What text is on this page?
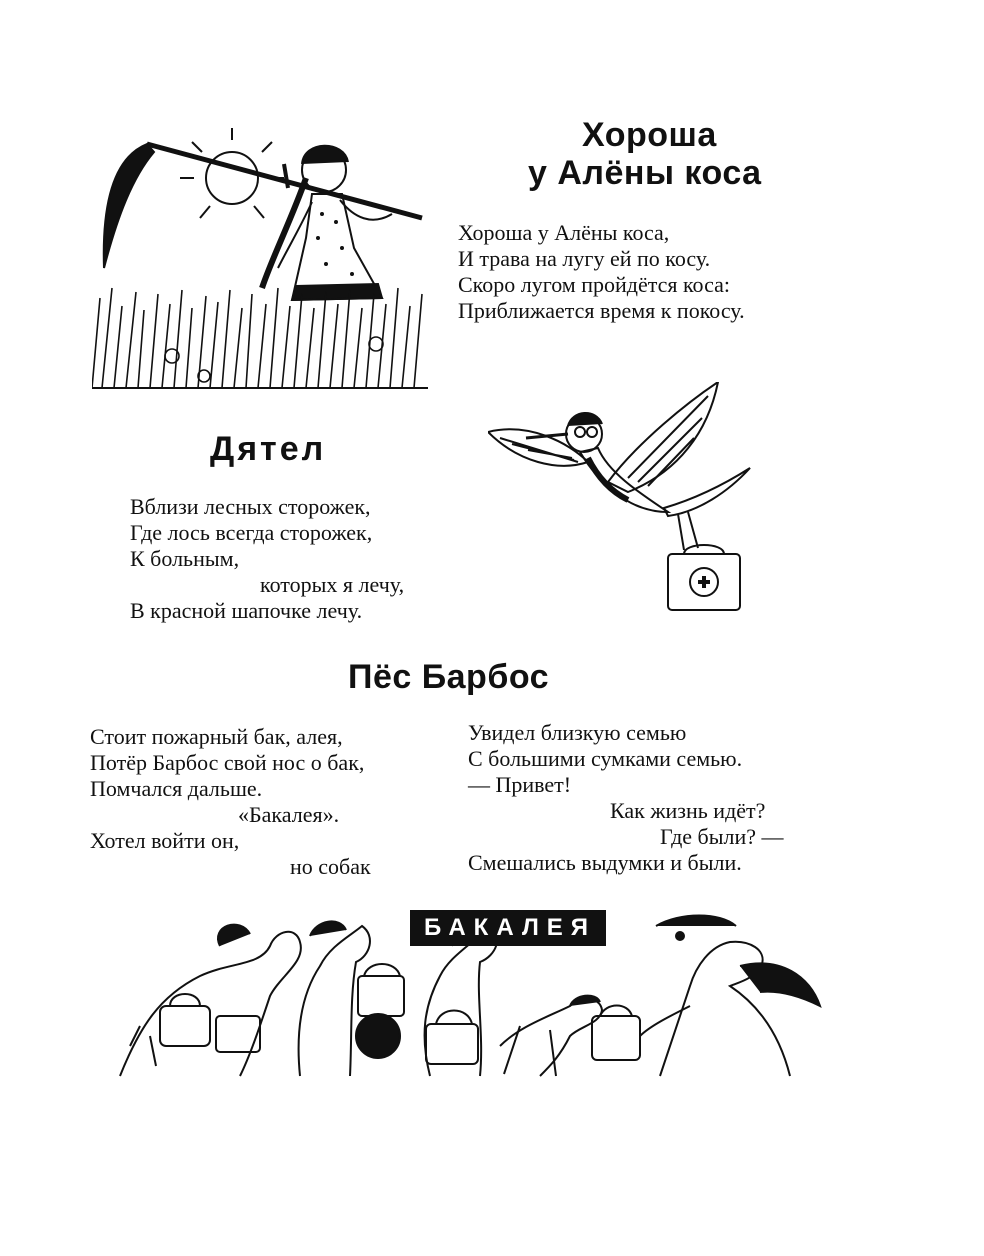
Хороша
у Алёны коса
Хороша у Алёны коса,
И трава на лугу ей по косу.
Скоро лугом пройдётся коса:
Приближается время к покосу.
Дятел
Вблизи лесных сторожек,
Где лось всегда сторожек,
К больным,
которых я лечу,
В красной шапочке лечу.
Пёс Барбос
Стоит пожарный бак, алея,
Потёр Барбос свой нос о бак,
Помчался дальше.
«Бакалея».
Хотел войти он,
но собак
Увидел близкую семью
С большими сумками семью.
— Привет!
Как жизнь идёт?
Где были? —
Смешались выдумки и были.
БАКАЛЕЯ
